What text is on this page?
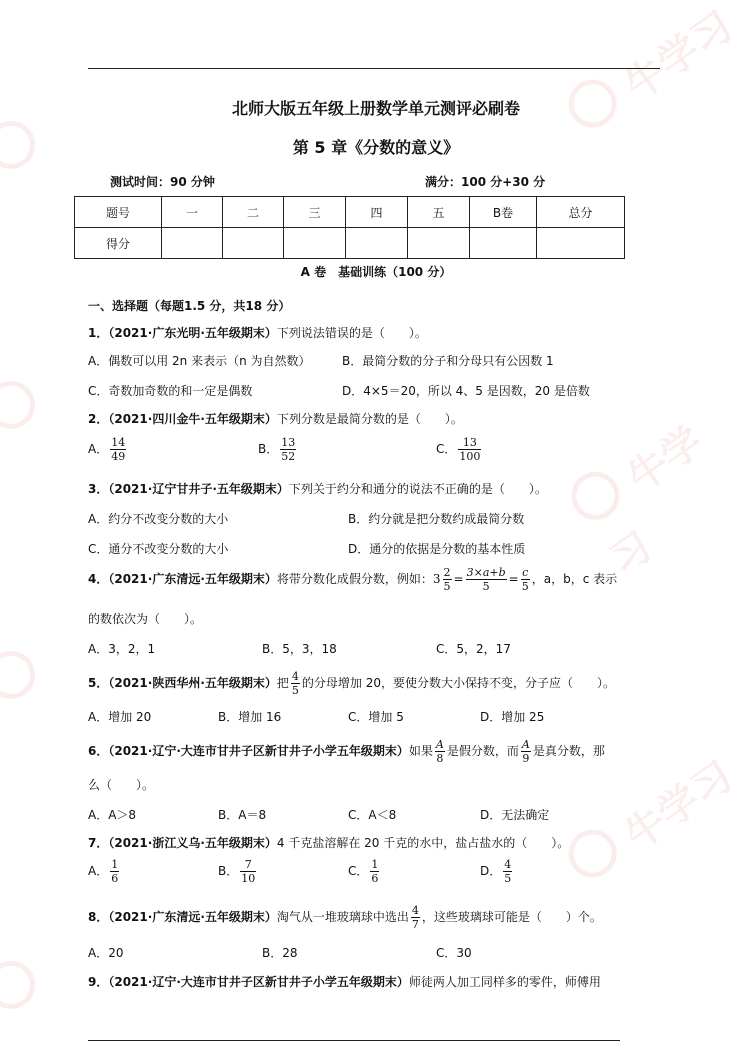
牛学习
牛学习
牛学习
北师大版五年级上册数学单元测评必刷卷
第 5 章《分数的意义》
测试时间：90 分钟	满分：100 分+30 分
题号	一	二	三	四	五	B卷	总分
得分							
A 卷　基础训练（100 分）
一、选择题（每题1.5 分，共18 分）
1．（2021·广东光明·五年级期末）下列说法错误的是（　　）。
A．偶数可以用 2n 来表示（n 为自然数）	B．最简分数的分子和分母只有公因数 1
C．奇数加奇数的和一定是偶数	D．4×5＝20，所以 4、5 是因数，20 是倍数
2．（2021·四川金牛·五年级期末）下列分数是最简分数的是（　　）。
A． $\frac{14}{49}$	B． $\frac{13}{52}$	C． $\frac{13}{100}$
3．（2021·辽宁甘井子·五年级期末）下列关于约分和通分的说法不正确的是（　　）。
A．约分不改变分数的大小	B．约分就是把分数约成最简分数
C．通分不改变分数的大小	D．通分的依据是分数的基本性质
4．（2021·广东清远·五年级期末）将带分数化成假分数，例如：$3 \frac{2}{5} = \frac{3\times a+b}{5} = \frac{c}{5}$ ，a，b，c 表示
的数依次为（　　）。
A．3，2，1	B．5，3，18	C．5，2，17
5．（2021·陕西华州·五年级期末）把 $\frac{4}{5}$ 的分母增加 20，要使分数大小保持不变，分子应（　　）。
A．增加 20	B．增加 16	C．增加 5	D．增加 25
6．（2021·辽宁·大连市甘井子区新甘井子小学五年级期末）如果 $\frac{A}{8}$ 是假分数，而 $\frac{A}{9}$ 是真分数，那
么（　　）。
A．A＞8	B．A＝8	C．A＜8	D．无法确定
7．（2021·浙江义乌·五年级期末）4 千克盐溶解在 20 千克的水中，盐占盐水的（　　）。
A． $\frac{1}{6}$	B． $\frac{7}{10}$	C． $\frac{1}{6}$	D． $\frac{4}{5}$
8．（2021·广东清远·五年级期末）淘气从一堆玻璃球中选出 $\frac{4}{7}$ ，这些玻璃球可能是（　　）个。
A．20	B．28	C．30
9．（2021·辽宁·大连市甘井子区新甘井子小学五年级期末）师徒两人加工同样多的零件，师傅用
